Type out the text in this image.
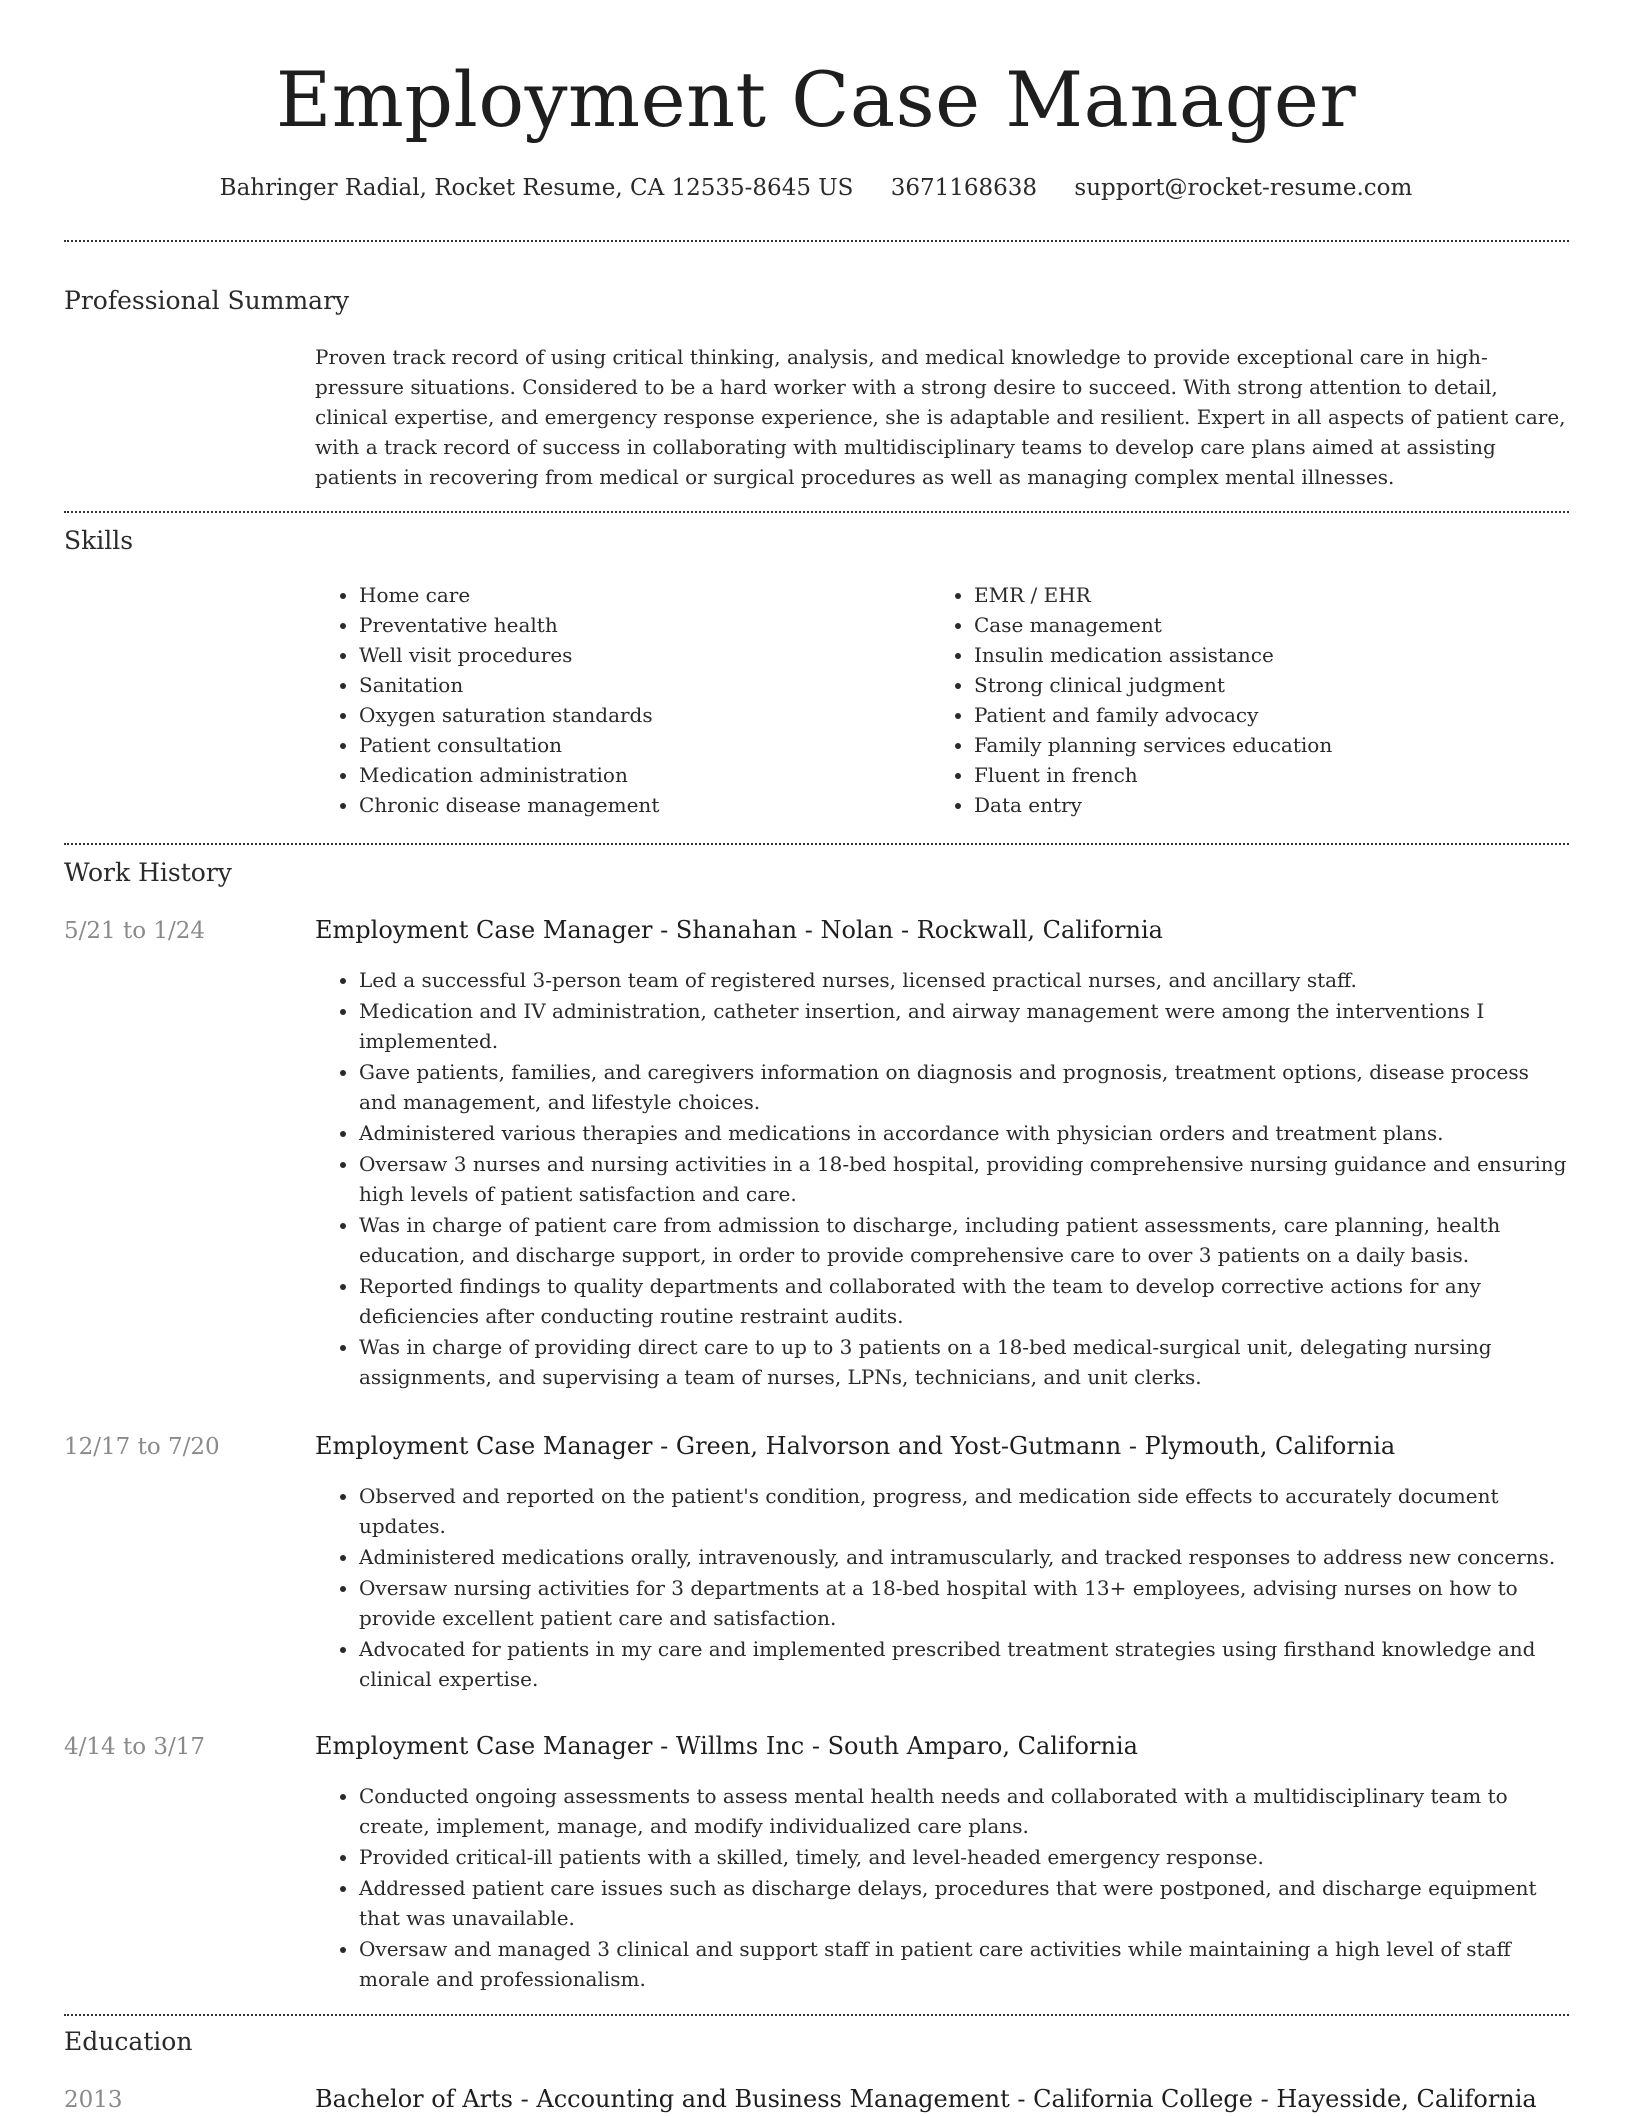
Employment Case Manager
Bahringer Radial, Rocket Resume, CA 12535-8645 US 3671168638 support@rocket-resume.com
Professional Summary
Proven track record of using critical thinking, analysis, and medical knowledge to provide exceptional care in high-pressure situations. Considered to be a hard worker with a strong desire to succeed. With strong attention to detail, clinical expertise, and emergency response experience, she is adaptable and resilient. Expert in all aspects of patient care, with a track record of success in collaborating with multidisciplinary teams to develop care plans aimed at assisting patients in recovering from medical or surgical procedures as well as managing complex mental illnesses.
Skills
• Home care
• Preventative health
• Well visit procedures
• Sanitation
• Oxygen saturation standards
• Patient consultation
• Medication administration
• Chronic disease management
• EMR / EHR
• Case management
• Insulin medication assistance
• Strong clinical judgment
• Patient and family advocacy
• Family planning services education
• Fluent in french
• Data entry
Work History
5/21 to 1/24	Employment Case Manager - Shanahan - Nolan - Rockwall, California
• Led a successful 3-person team of registered nurses, licensed practical nurses, and ancillary staff.
• Medication and IV administration, catheter insertion, and airway management were among the interventions I implemented.
• Gave patients, families, and caregivers information on diagnosis and prognosis, treatment options, disease process and management, and lifestyle choices.
• Administered various therapies and medications in accordance with physician orders and treatment plans.
• Oversaw 3 nurses and nursing activities in a 18-bed hospital, providing comprehensive nursing guidance and ensuring high levels of patient satisfaction and care.
• Was in charge of patient care from admission to discharge, including patient assessments, care planning, health education, and discharge support, in order to provide comprehensive care to over 3 patients on a daily basis.
• Reported findings to quality departments and collaborated with the team to develop corrective actions for any deficiencies after conducting routine restraint audits.
• Was in charge of providing direct care to up to 3 patients on a 18-bed medical-surgical unit, delegating nursing assignments, and supervising a team of nurses, LPNs, technicians, and unit clerks.
12/17 to 7/20	Employment Case Manager - Green, Halvorson and Yost-Gutmann - Plymouth, California
• Observed and reported on the patient's condition, progress, and medication side effects to accurately document updates.
• Administered medications orally, intravenously, and intramuscularly, and tracked responses to address new concerns.
• Oversaw nursing activities for 3 departments at a 18-bed hospital with 13+ employees, advising nurses on how to provide excellent patient care and satisfaction.
• Advocated for patients in my care and implemented prescribed treatment strategies using firsthand knowledge and clinical expertise.
4/14 to 3/17	Employment Case Manager - Willms Inc - South Amparo, California
• Conducted ongoing assessments to assess mental health needs and collaborated with a multidisciplinary team to create, implement, manage, and modify individualized care plans.
• Provided critical-ill patients with a skilled, timely, and level-headed emergency response.
• Addressed patient care issues such as discharge delays, procedures that were postponed, and discharge equipment that was unavailable.
• Oversaw and managed 3 clinical and support staff in patient care activities while maintaining a high level of staff morale and professionalism.
Education
2013	Bachelor of Arts - Accounting and Business Management - California College - Hayesside, California
